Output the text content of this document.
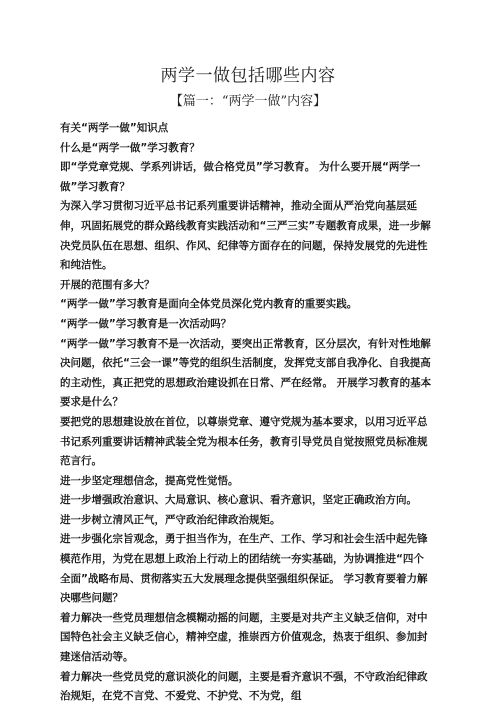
两学一做包括哪些内容
【篇一：“两学一做”内容】

有关“两学一做”知识点

什么是“两学一做”学习教育？

即“学党章党规、学系列讲话，做合格党员”学习教育。 为什么要开展“两学一做”学习教育？

为深入学习贯彻习近平总书记系列重要讲话精神，推动全面从严治党向基层延伸，巩固拓展党的群众路线教育实践活动和“三严三实”专题教育成果，进一步解决党员队伍在思想、组织、作风、纪律等方面存在的问题，保持发展党的先进性和纯洁性。

开展的范围有多大？

“两学一做”学习教育是面向全体党员深化党内教育的重要实践。

“两学一做”学习教育是一次活动吗？

“两学一做”学习教育不是一次活动，要突出正常教育，区分层次，有针对性地解决问题，依托“三会一课”等党的组织生活制度，发挥党支部自我净化、自我提高的主动性，真正把党的思想政治建设抓在日常、严在经常。 开展学习教育的基本要求是什么？

要把党的思想建设放在首位，以尊崇党章、遵守党规为基本要求，以用习近平总书记系列重要讲话精神武装全党为根本任务，教育引导党员自觉按照党员标准规范言行。

进一步坚定理想信念，提高党性觉悟。

进一步增强政治意识、大局意识、核心意识、看齐意识，坚定正确政治方向。

进一步树立清风正气，严守政治纪律政治规矩。

进一步强化宗旨观念，勇于担当作为，在生产、工作、学习和社会生活中起先锋模范作用，为党在思想上政治上行动上的团结统一夯实基础，为协调推进“四个全面”战略布局、贯彻落实五大发展理念提供坚强组织保证。 学习教育要着力解决哪些问题？

着力解决一些党员理想信念模糊动摇的问题，主要是对共产主义缺乏信仰，对中国特色社会主义缺乏信心，精神空虚，推崇西方价值观念，热衷于组织、参加封建迷信活动等。

着力解决一些党员党的意识淡化的问题，主要是看齐意识不强，不守政治纪律政治规矩，在党不言党、不爱党、不护党、不为党，组
